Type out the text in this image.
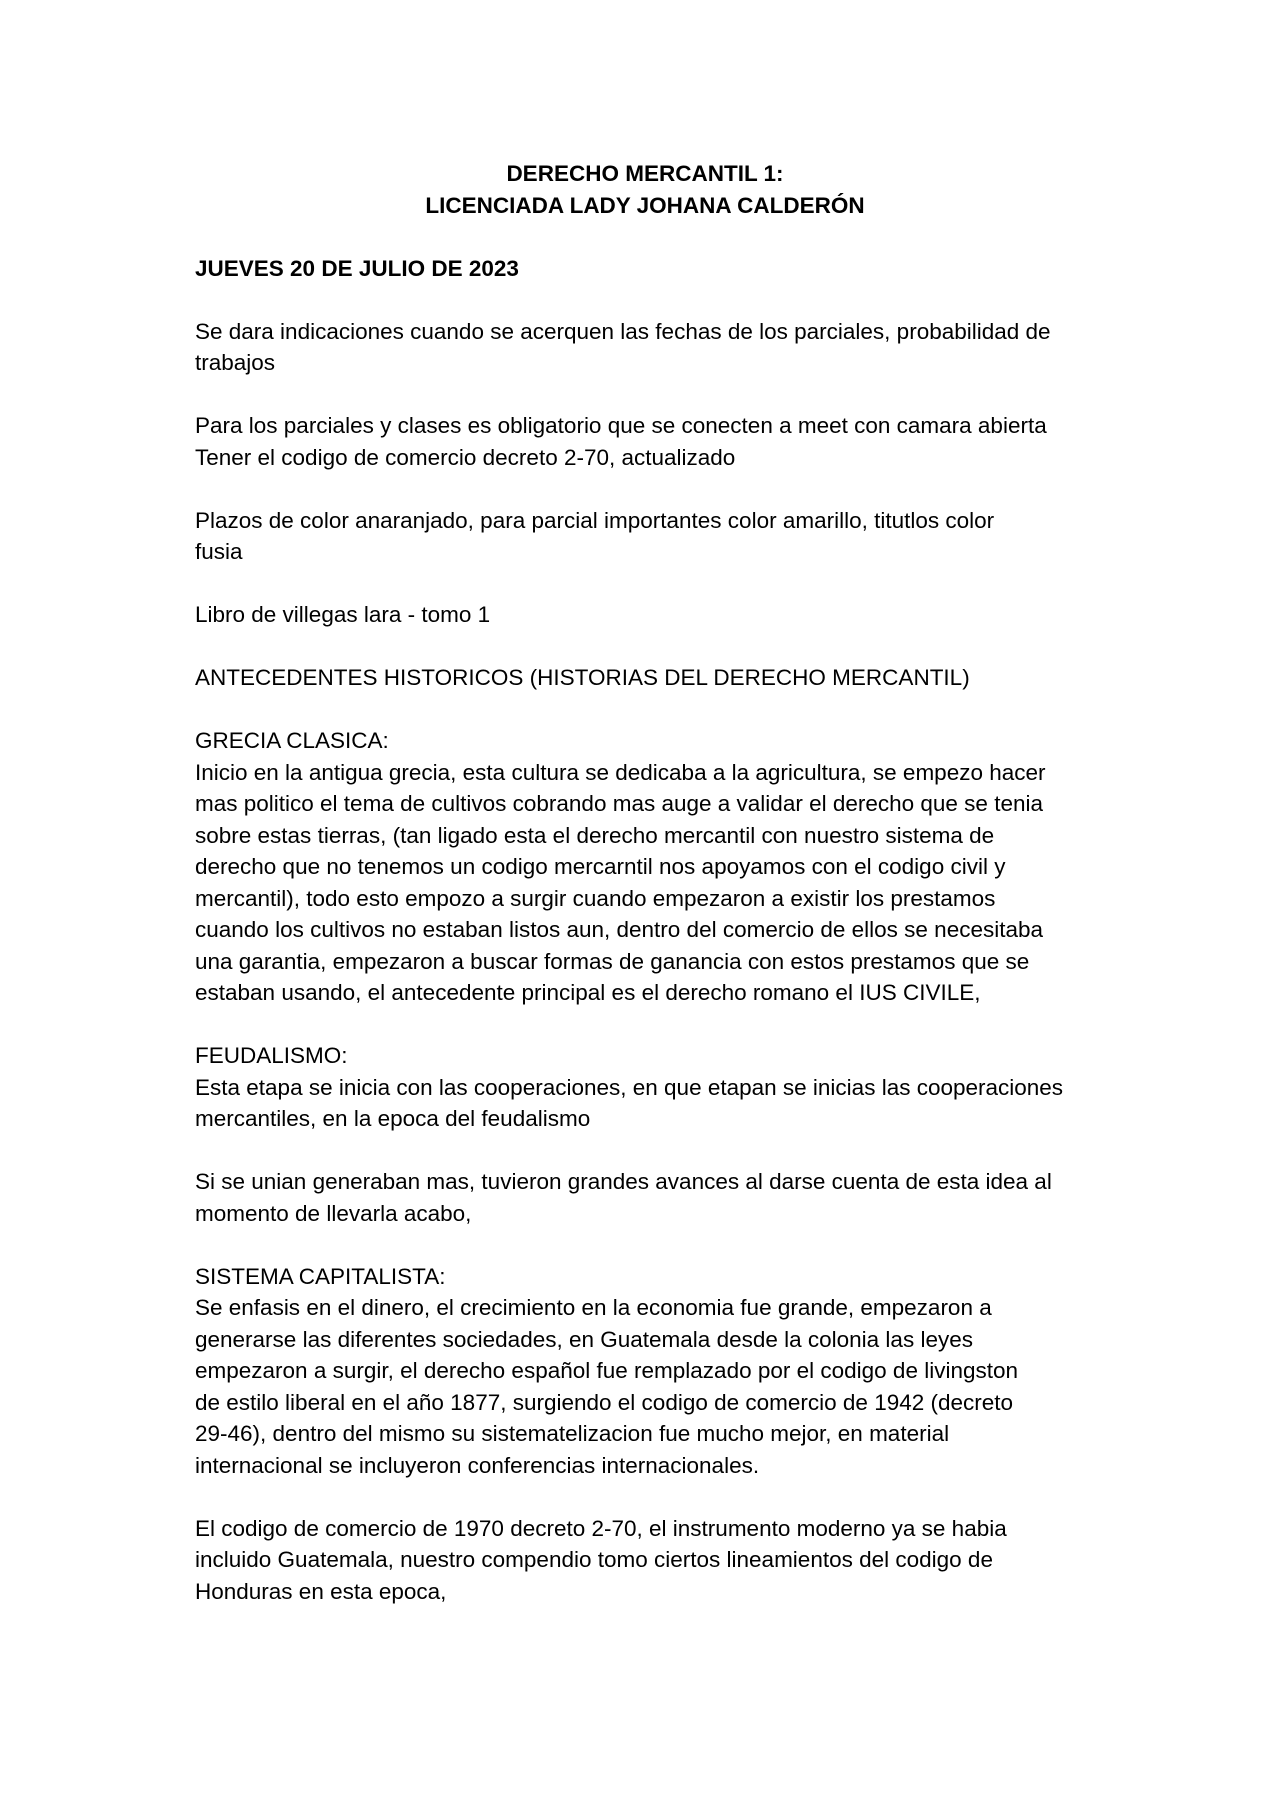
DERECHO MERCANTIL 1:
LICENCIADA LADY JOHANA CALDERÓN
JUEVES 20 DE JULIO DE 2023
Se dara indicaciones cuando se acerquen las fechas de los parciales, probabilidad de
trabajos
Para los parciales y clases es obligatorio que se conecten a meet con camara abierta
Tener el codigo de comercio decreto 2-70, actualizado
Plazos de color anaranjado, para parcial importantes color amarillo, titutlos color
fusia
Libro de villegas lara - tomo 1
ANTECEDENTES HISTORICOS (HISTORIAS DEL DERECHO MERCANTIL)
GRECIA CLASICA:
Inicio en la antigua grecia, esta cultura se dedicaba a la agricultura, se empezo hacer
mas politico el tema de cultivos cobrando mas auge a validar el derecho que se tenia
sobre estas tierras, (tan ligado esta el derecho mercantil con nuestro sistema de
derecho que no tenemos un codigo mercarntil nos apoyamos con el codigo civil y
mercantil), todo esto empozo a surgir cuando empezaron a existir los prestamos
cuando los cultivos no estaban listos aun, dentro del comercio de ellos se necesitaba
una garantia, empezaron a buscar formas de ganancia con estos prestamos que se
estaban usando, el antecedente principal es el derecho romano el IUS CIVILE,
FEUDALISMO:
Esta etapa se inicia con las cooperaciones, en que etapan se inicias las cooperaciones
mercantiles, en la epoca del feudalismo
Si se unian generaban mas, tuvieron grandes avances al darse cuenta de esta idea al
momento de llevarla acabo,
SISTEMA CAPITALISTA:
Se enfasis en el dinero, el crecimiento en la economia fue grande, empezaron a
generarse las diferentes sociedades, en Guatemala desde la colonia las leyes
empezaron a surgir, el derecho español fue remplazado por el codigo de livingston
de estilo liberal en el año 1877, surgiendo el codigo de comercio de 1942 (decreto
29-46), dentro del mismo su sistematelizacion fue mucho mejor, en material
internacional se incluyeron conferencias internacionales.
El codigo de comercio de 1970 decreto 2-70, el instrumento moderno ya se habia
incluido Guatemala, nuestro compendio tomo ciertos lineamientos del codigo de
Honduras en esta epoca,
